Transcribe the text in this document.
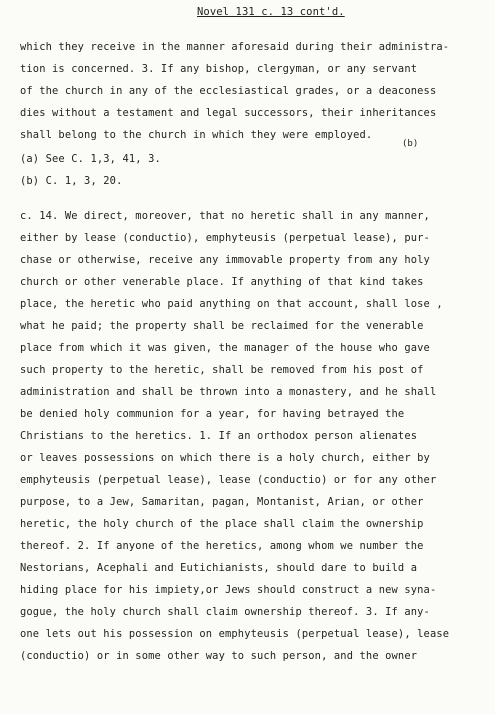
Novel 131 c. 13 cont'd.
(b)
which they receive in the manner aforesaid during their administra-
tion is concerned. 3. If any bishop, clergyman, or any servant
of the church in any of the ecclesiastical grades, or a deaconess
dies without a testament and legal successors, their inheritances
shall belong to the church in which they were employed.
(a) See C. 1,3, 41, 3.
(b) C. 1, 3, 20.
c. 14. We direct, moreover, that no heretic shall in any manner,
either by lease (conductio), emphyteusis (perpetual lease), pur-
chase or otherwise, receive any immovable property from any holy
church or other venerable place. If anything of that kind takes
place, the heretic who paid anything on that account, shall lose ,
what he paid; the property shall be reclaimed for the venerable
place from which it was given, the manager of the house who gave
such property to the heretic, shall be removed from his post of
administration and shall be thrown into a monastery, and he shall
be denied holy communion for a year, for having betrayed the
Christians to the heretics. 1. If an orthodox person alienates
or leaves possessions on which there is a holy church, either by
emphyteusis (perpetual lease), lease (conductio) or for any other
purpose, to a Jew, Samaritan, pagan, Montanist, Arian, or other
heretic, the holy church of the place shall claim the ownership
thereof. 2. If anyone of the heretics, among whom we number the
Nestorians, Acephali and Eutichianists, should dare to build a
hiding place for his impiety,or Jews should construct a new syna-
gogue, the holy church shall claim ownership thereof. 3. If any-
one lets out his possession on emphyteusis (perpetual lease), lease
(conductio) or in some other way to such person, and the owner
